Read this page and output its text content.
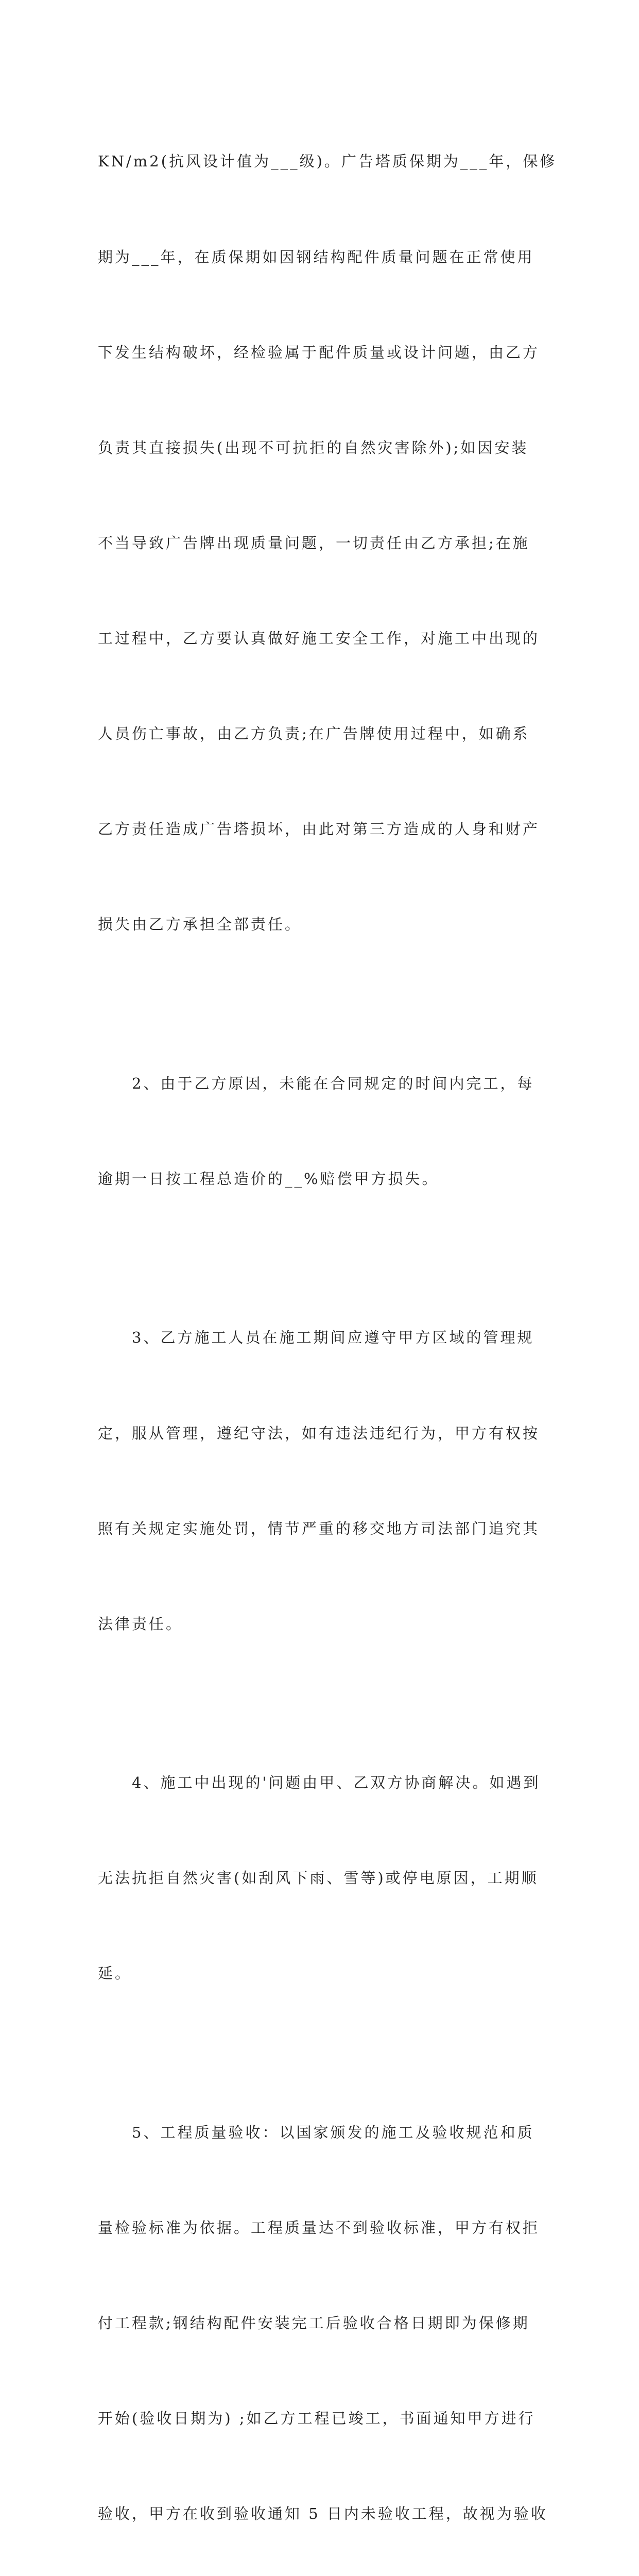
KN/m2(抗风设计值为___级)。广告塔质保期为___年，保修

期为___年，在质保期如因钢结构配件质量问题在正常使用

下发生结构破坏，经检验属于配件质量或设计问题，由乙方

负责其直接损失(出现不可抗拒的自然灾害除外);如因安装

不当导致广告牌出现质量问题，一切责任由乙方承担;在施

工过程中，乙方要认真做好施工安全工作，对施工中出现的

人员伤亡事故，由乙方负责;在广告牌使用过程中，如确系

乙方责任造成广告塔损坏，由此对第三方造成的人身和财产

损失由乙方承担全部责任。

2、由于乙方原因，未能在合同规定的时间内完工，每

逾期一日按工程总造价的__%赔偿甲方损失。

3、乙方施工人员在施工期间应遵守甲方区域的管理规

定，服从管理，遵纪守法，如有违法违纪行为，甲方有权按

照有关规定实施处罚，情节严重的移交地方司法部门追究其

法律责任。

4、施工中出现的'问题由甲、乙双方协商解决。如遇到

无法抗拒自然灾害(如刮风下雨、雪等)或停电原因，工期顺

延。

5、工程质量验收：以国家颁发的施工及验收规范和质

量检验标准为依据。工程质量达不到验收标准，甲方有权拒

付工程款;钢结构配件安装完工后验收合格日期即为保修期

开始(验收日期为) ;如乙方工程已竣工，书面通知甲方进行

验收，甲方在收到验收通知 5 日内未验收工程，故视为验收
